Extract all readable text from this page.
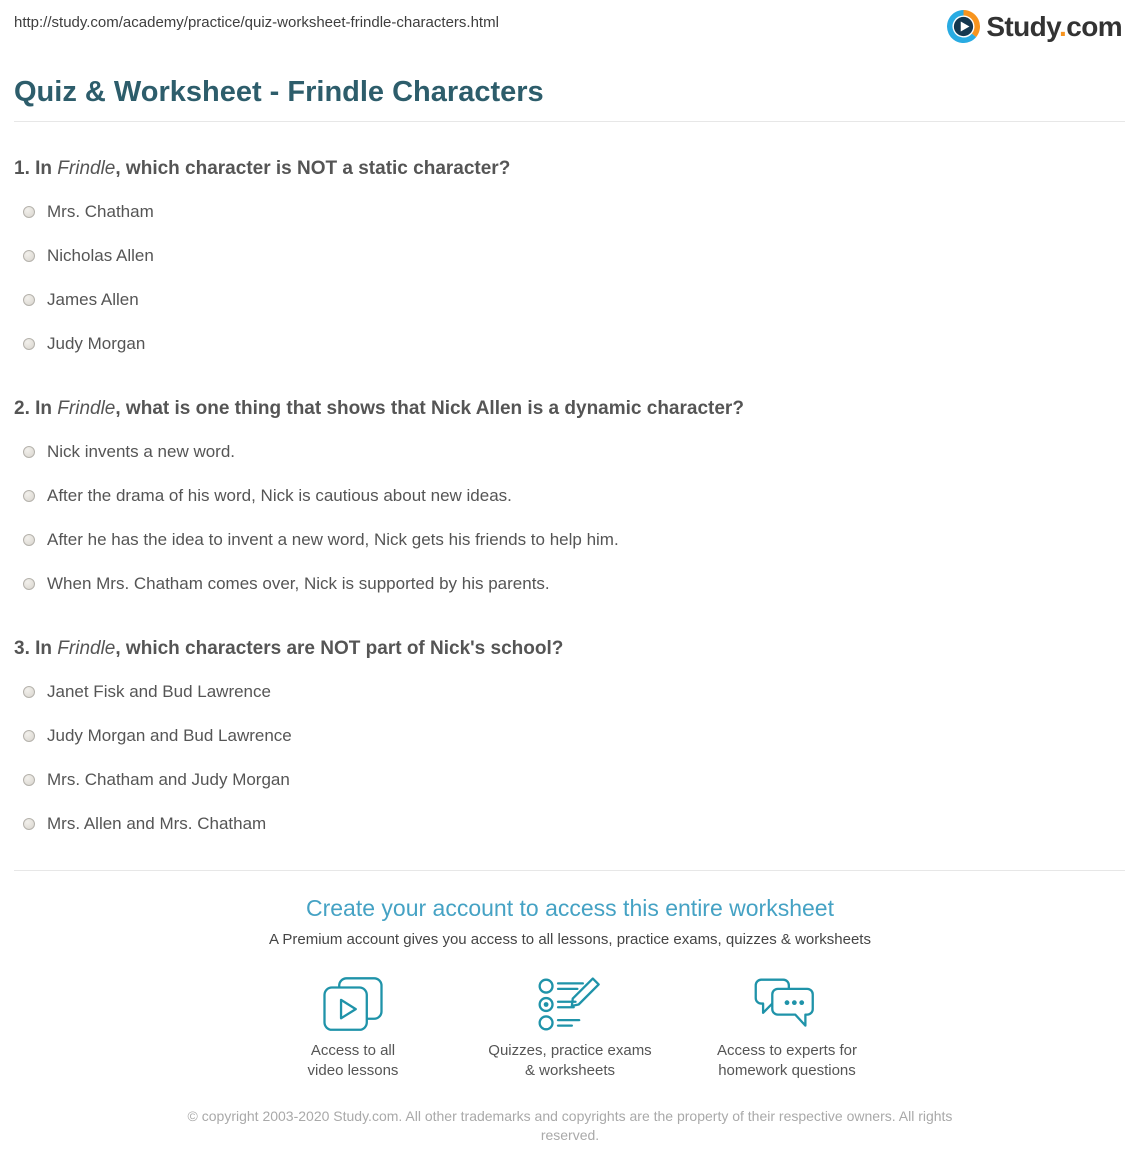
http://study.com/academy/practice/quiz-worksheet-frindle-characters.html	Study.com
Quiz & Worksheet - Frindle Characters
1. In Frindle, which character is NOT a static character?
Mrs. Chatham
Nicholas Allen
James Allen
Judy Morgan
2. In Frindle, what is one thing that shows that Nick Allen is a dynamic character?
Nick invents a new word.
After the drama of his word, Nick is cautious about new ideas.
After he has the idea to invent a new word, Nick gets his friends to help him.
When Mrs. Chatham comes over, Nick is supported by his parents.
3. In Frindle, which characters are NOT part of Nick's school?
Janet Fisk and Bud Lawrence
Judy Morgan and Bud Lawrence
Mrs. Chatham and Judy Morgan
Mrs. Allen and Mrs. Chatham
Create your account to access this entire worksheet
A Premium account gives you access to all lessons, practice exams, quizzes & worksheets
Access to all
video lessons
Quizzes, practice exams
& worksheets
Access to experts for
homework questions
© copyright 2003-2020 Study.com. All other trademarks and copyrights are the property of their respective owners. All rights reserved.
